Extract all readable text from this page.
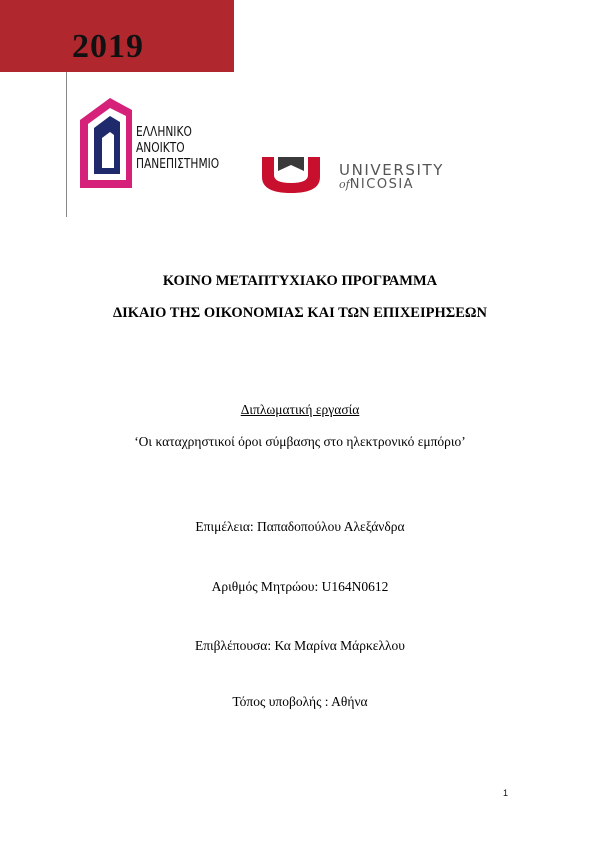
2019
ΕΛΛΗΝΙΚΟ
ΑΝΟΙΚΤΟ
ΠΑΝΕΠΙΣΤΗΜΙΟ	UNIVERSITY
ofNICOSIA
ΚΟΙΝΟ ΜΕΤΑΠΤΥΧΙΑΚΟ ΠΡΟΓΡΑΜΜΑ
ΔΙΚΑΙΟ ΤΗΣ ΟΙΚΟΝΟΜΙΑΣ ΚΑΙ ΤΩΝ ΕΠΙΧΕΙΡΗΣΕΩΝ
Διπλωματική εργασία
‘Οι καταχρηστικοί όροι σύμβασης στο ηλεκτρονικό εμπόριο’
Επιμέλεια: Παπαδοπούλου Αλεξάνδρα
Αριθμός Μητρώου: U164N0612
Επιβλέπουσα: Κα Μαρίνα Μάρκελλου
Τόπος υποβολής : Αθήνα
1
